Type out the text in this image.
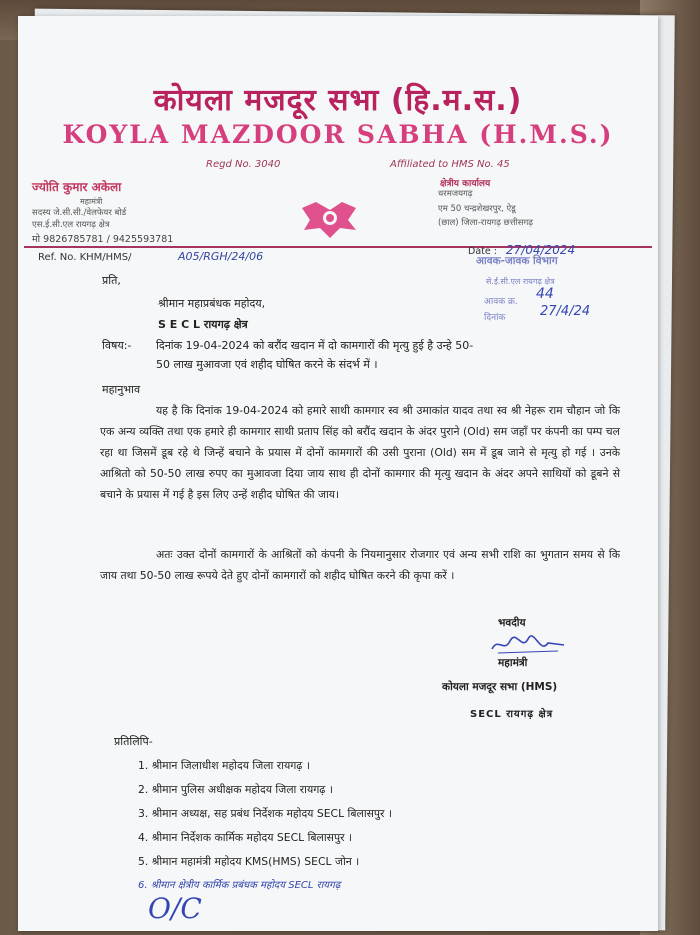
कोयला मजदूर सभा (हि.म.स.)
KOYLA MAZDOOR SABHA (H.M.S.)
Regd No. 3040	Affiliated to HMS No. 45
ज्योति कुमार अकेला
महामंत्री
सदस्य जे.सी.सी./वेलफेयर बोर्ड
एस.ई.सी.एल रायगढ़ क्षेत्र
मो 9826785781 / 9425593781
क्षेत्रीय कार्यालय
धरमजयगढ़
एम 50 चन्द्रशेखरपुर, ऐडू
(छाल) जिला-रायगढ़ छत्तीसगढ़
Ref. No. KHM/HMS/	A05/RGH/24/06	Date : 27/04/2024
आवक-जावक विभाग
से.ई.सी.एल रायगढ़ क्षेत्र
आवक क्र. 44
दिनांक	27/4/24
प्रति,
श्रीमान महाप्रबंधक महोदय,
S E C L रायगढ़ क्षेत्र
विषय:- दिनांक 19-04-2024 को बरौंद खदान में दो कामगारों की मृत्यु हुई है उन्हे 50-
50 लाख मुआवजा एवं शहीद घोषित करने के संदर्भ में ।
महानुभाव
यह है कि दिनांक 19-04-2024 को हमारे साथी कामगार स्व श्री उमाकांत यादव तथा स्व श्री नेहरू राम चौहान जो कि एक अन्य व्यक्ति तथा एक हमारे ही कामगार साथी प्रताप सिंह को बरौंद खदान के अंदर पुराने (Old) सम जहाँ पर कंपनी का पम्प चल रहा था जिसमें डूब रहे थे जिन्हें बचाने के प्रयास में दोनों कामगारों की उसी पुराना (Old) सम में डूब जाने से मृत्यु हो गई । उनके आश्रितो को 50-50 लाख रुपए का मुआवजा दिया जाय साथ ही दोनों कामगार की मृत्यु खदान के अंदर अपने साथियों को डूबने से बचाने के प्रयास में गई है इस लिए उन्हें शहीद घोषित की जाय।
अतः उक्त दोनों कामगारों के आश्रितों को कंपनी के नियमानुसार रोजगार एवं अन्य सभी राशि का भुगतान समय से कि जाय तथा 50-50 लाख रूपये देते हुए दोनों कामगारों को शहीद घोषित करने की कृपा करें ।
भवदीय
महामंत्री
कोयला मजदूर सभा (HMS)
SECL रायगढ़ क्षेत्र
प्रतिलिपि-
1. श्रीमान जिलाधीश महोदय जिला रायगढ़ ।
2. श्रीमान पुलिस अधीक्षक महोदय जिला रायगढ़ ।
3. श्रीमान अध्यक्ष, सह प्रबंध निर्देशक महोदय SECL बिलासपुर ।
4. श्रीमान निर्देशक कार्मिक महोदय SECL बिलासपुर ।
5. श्रीमान महामंत्री महोदय KMS(HMS) SECL जोन ।
6. श्रीमान क्षेत्रीय कार्मिक प्रबंधक महोदय SECL रायगढ़
O/C
